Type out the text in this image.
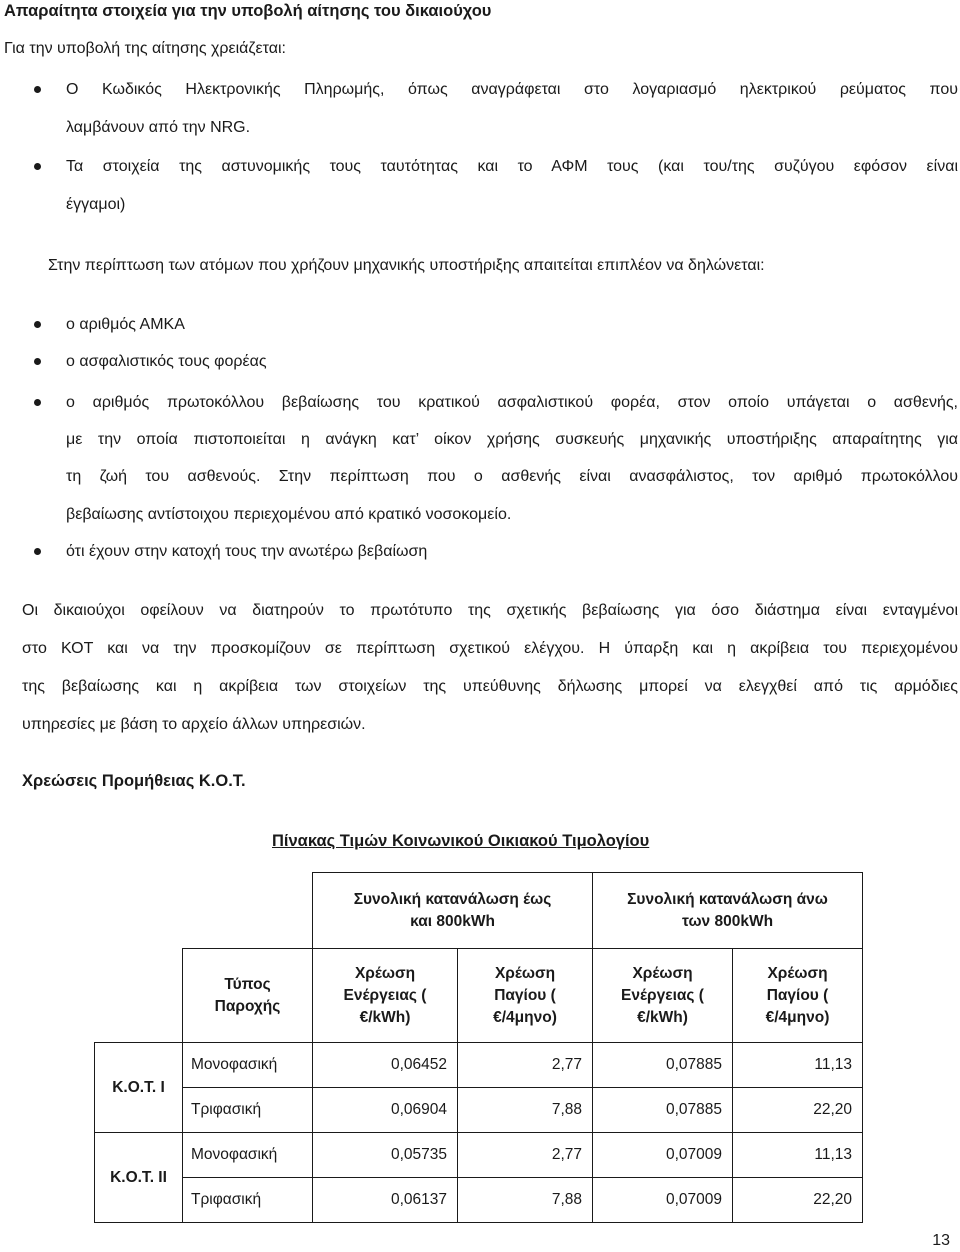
Απαραίτητα στοιχεία για την υποβολή αίτησης του δικαιούχου
Για την υποβολή της αίτησης χρειάζεται:
Ο Κωδικός Ηλεκτρονικής Πληρωμής, όπως αναγράφεται στο λογαριασμό ηλεκτρικού ρεύματος που
λαμβάνουν από την NRG.
Τα στοιχεία της αστυνομικής τους ταυτότητας και το ΑΦΜ τους (και του/της συζύγου εφόσον είναι
έγγαμοι)
Στην περίπτωση των ατόμων που χρήζουν μηχανικής υποστήριξης απαιτείται επιπλέον να δηλώνεται:
ο αριθμός ΑΜΚΑ
ο ασφαλιστικός τους φορέας
ο αριθμός πρωτοκόλλου βεβαίωσης του κρατικού ασφαλιστικού φορέα, στον οποίο υπάγεται ο ασθενής,
με την οποία πιστοποιείται η ανάγκη κατ’ οίκον χρήσης συσκευής μηχανικής υποστήριξης απαραίτητης για
τη ζωή του ασθενούς. Στην περίπτωση που ο ασθενής είναι ανασφάλιστος, τον αριθμό πρωτοκόλλου
βεβαίωσης αντίστοιχου περιεχομένου από κρατικό νοσοκομείο.
ότι έχουν στην κατοχή τους την ανωτέρω βεβαίωση
Οι δικαιούχοι οφείλουν να διατηρούν το πρωτότυπο της σχετικής βεβαίωσης για όσο διάστημα είναι ενταγμένοι
στο ΚΟΤ και να την προσκομίζουν σε περίπτωση σχετικού ελέγχου. Η ύπαρξη και η ακρίβεια του περιεχομένου
της βεβαίωσης και η ακρίβεια των στοιχείων της υπεύθυνης δήλωσης μπορεί να ελεγχθεί από τις αρμόδιες
υπηρεσίες με βάση το αρχείο άλλων υπηρεσιών.
Χρεώσεις Προμήθειας Κ.Ο.Τ.
Πίνακας Τιμών Κοινωνικού Οικιακού Τιμολογίου
		Συνολική κατανάλωση έως και 800kWh		Συνολική κατανάλωση άνω των 800kWh	
	Τύπος Παροχής	Χρέωση Ενέργειας ( €/kWh)	Χρέωση Παγίου ( €/4μηνο)	Χρέωση Ενέργειας ( €/kWh)	Χρέωση Παγίου ( €/4μηνο)
Κ.Ο.Τ. Ι	Μονοφασική	0,06452	2,77	0,07885	11,13
	Τριφασική	0,06904	7,88	0,07885	22,20
Κ.Ο.Τ. ΙΙ	Μονοφασική	0,05735	2,77	0,07009	11,13
	Τριφασική	0,06137	7,88	0,07009	22,20
13
